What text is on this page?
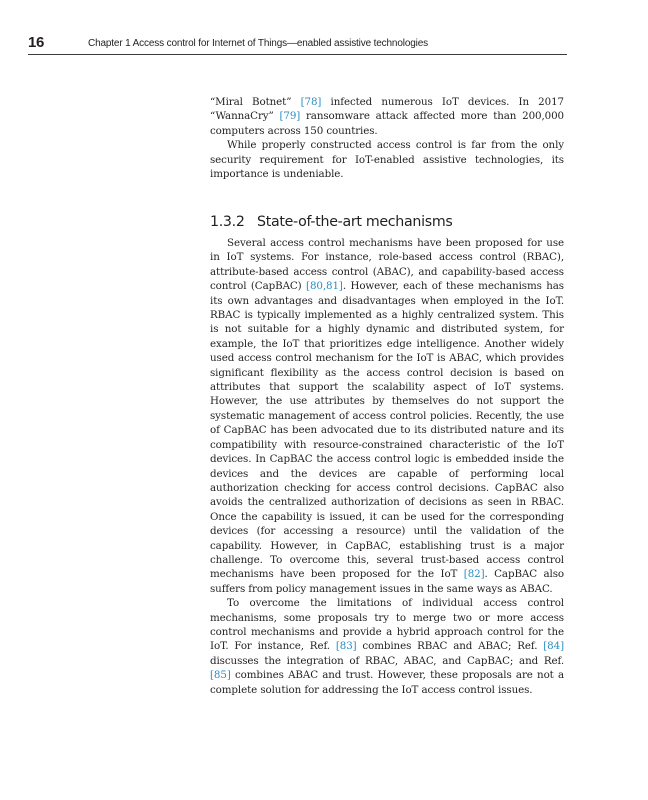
16	Chapter 1 Access control for Internet of Things—enabled assistive technologies

“Miral Botnet” [78] infected numerous IoT devices. In 2017 “WannaCry” [79] ransomware attack affected more than 200,000 computers across 150 countries.

While properly constructed access control is far from the only security requirement for IoT-enabled assistive technologies, its importance is undeniable.

1.3.2 State-of-the-art mechanisms

Several access control mechanisms have been proposed for use in IoT systems. For instance, role-based access control (RBAC), attribute-based access control (ABAC), and capability-based access control (CapBAC) [80,81]. However, each of these mechanisms has its own advantages and disadvantages when employed in the IoT. RBAC is typically implemented as a highly centralized system. This is not suitable for a highly dynamic and distributed system, for example, the IoT that prioritizes edge intelligence. Another widely used access control mechanism for the IoT is ABAC, which provides significant flexibility as the access control decision is based on attributes that support the scalability aspect of IoT systems. However, the use attributes by themselves do not support the systematic management of access control policies. Recently, the use of CapBAC has been advocated due to its distributed nature and its compatibility with resource-constrained characteristic of the IoT devices. In CapBAC the access control logic is embedded inside the devices and the devices are capable of performing local authorization checking for access control decisions. CapBAC also avoids the centralized authorization of decisions as seen in RBAC. Once the capability is issued, it can be used for the corresponding devices (for accessing a resource) until the validation of the capability. However, in CapBAC, establishing trust is a major challenge. To overcome this, several trust-based access control mechanisms have been proposed for the IoT [82]. CapBAC also suffers from policy management issues in the same ways as ABAC.

To overcome the limitations of individual access control mechanisms, some proposals try to merge two or more access control mechanisms and provide a hybrid approach control for the IoT. For instance, Ref. [83] combines RBAC and ABAC; Ref. [84] discusses the integration of RBAC, ABAC, and CapBAC; and Ref. [85] combines ABAC and trust. However, these proposals are not a complete solution for addressing the IoT access control issues.
